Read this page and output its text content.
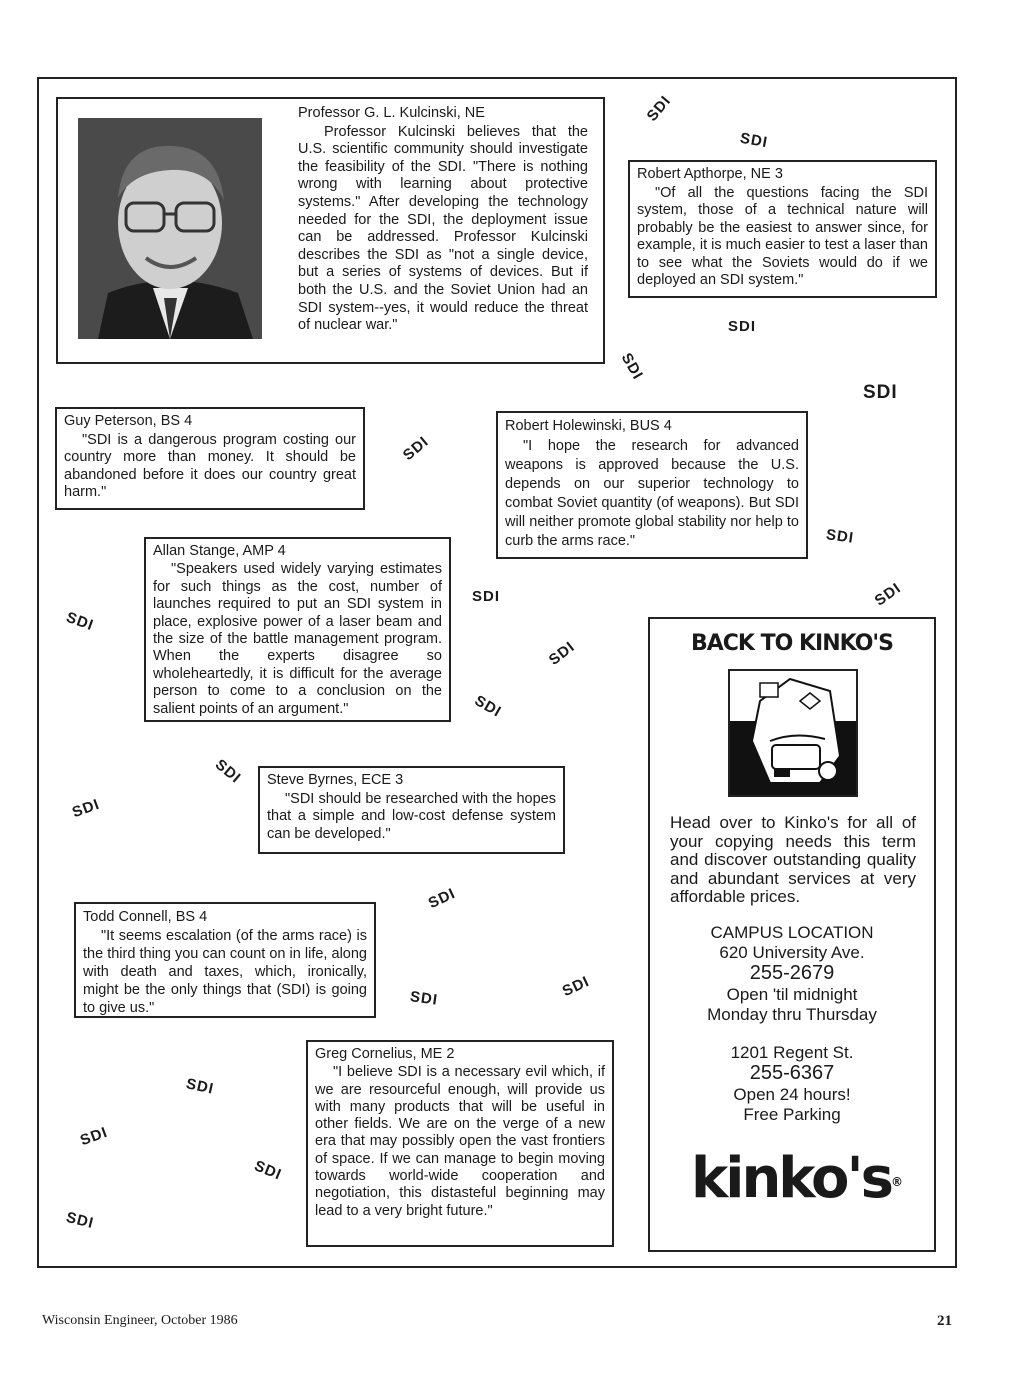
Professor G. L. Kulcinski, NE
Professor Kulcinski believes that the U.S. scientific community should investigate the feasibility of the SDI. "There is nothing wrong with learning about protective systems." After developing the technology needed for the SDI, the deployment issue can be addressed. Professor Kulcinski describes the SDI as "not a single device, but a series of systems of devices. But if both the U.S. and the Soviet Union had an SDI system--yes, it would reduce the threat of nuclear war."
Robert Apthorpe, NE 3
"Of all the questions facing the SDI system, those of a technical nature will probably be the easiest to answer since, for example, it is much easier to test a laser than to see what the Soviets would do if we deployed an SDI system."
Guy Peterson, BS 4
"SDI is a dangerous program costing our country more than money. It should be abandoned before it does our country great harm."
Robert Holewinski, BUS 4
"I hope the research for advanced weapons is approved because the U.S. depends on our superior technology to combat Soviet quantity (of weapons). But SDI will neither promote global stability nor help to curb the arms race."
Allan Stange, AMP 4
"Speakers used widely varying estimates for such things as the cost, number of launches required to put an SDI system in place, explosive power of a laser beam and the size of the battle management program. When the experts disagree so wholeheartedly, it is difficult for the average person to come to a conclusion on the salient points of an argument."
Steve Byrnes, ECE 3
"SDI should be researched with the hopes that a simple and low-cost defense system can be developed."
Todd Connell, BS 4
"It seems escalation (of the arms race) is the third thing you can count on in life, along with death and taxes, which, ironically, might be the only things that (SDI) is going to give us."
Greg Cornelius, ME 2
"I believe SDI is a necessary evil which, if we are resourceful enough, will provide us with many products that will be useful in other fields. We are on the verge of a new era that may possibly open the vast frontiers of space. If we can manage to begin moving towards world-wide cooperation and negotiation, this distasteful beginning may lead to a very bright future."
SDI
SDI
SDI
SDI
SDI
SDI
SDI
SDI
SDI
SDI
SDI
SDI
SDI
SDI
SDI
SDI	SDI
SDI
SDI
SDI
SDI
BACK TO KINKO'S
Head over to Kinko's for all of your copying needs this term and discover outstanding quality and abundant services at very affordable prices.
CAMPUS LOCATION
620 University Ave.
255-2679
Open 'til midnight
Monday thru Thursday
1201 Regent St.
255-6367
Open 24 hours!
Free Parking
kinko's®
Wisconsin Engineer, October 1986	21
